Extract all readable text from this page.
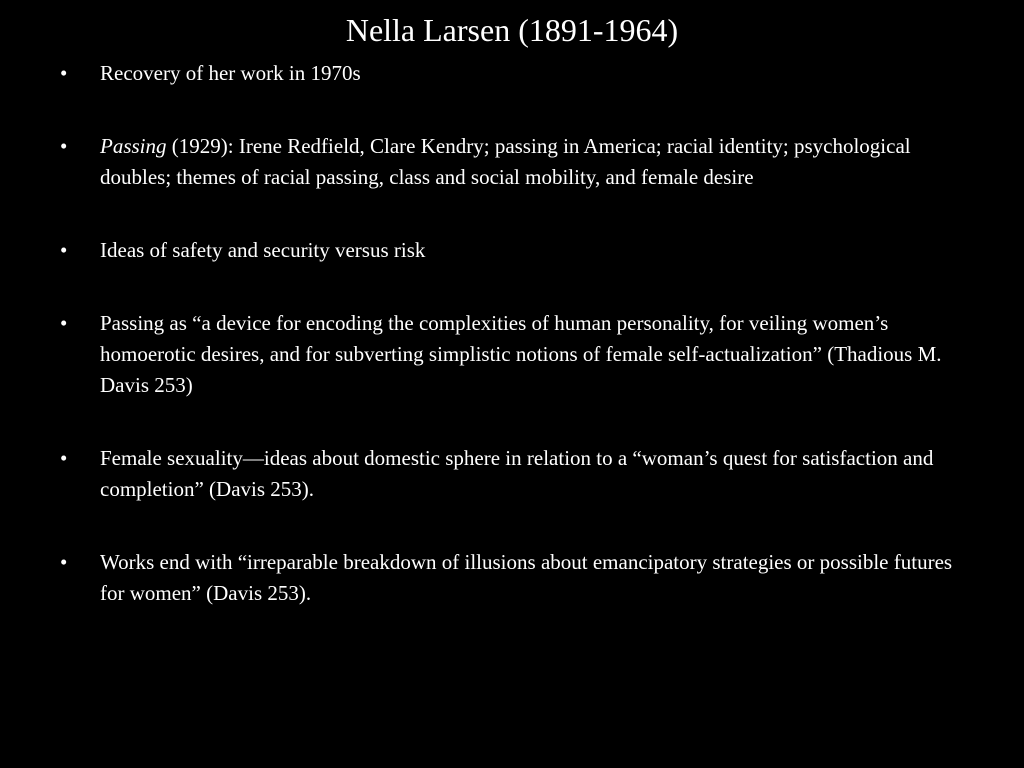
Nella Larsen (1891-1964)
• Recovery of her work in 1970s
• Passing (1929): Irene Redfield, Clare Kendry; passing in America; racial identity; psychological doubles; themes of racial passing, class and social mobility, and female desire
• Ideas of safety and security versus risk
• Passing as “a device for encoding the complexities of human personality, for veiling women’s homoerotic desires, and for subverting simplistic notions of female self-actualization” (Thadious M. Davis 253)
• Female sexuality—ideas about domestic sphere in relation to a “woman’s quest for satisfaction and completion” (Davis 253).
• Works end with “irreparable breakdown of illusions about emancipatory strategies or possible futures for women” (Davis 253).
